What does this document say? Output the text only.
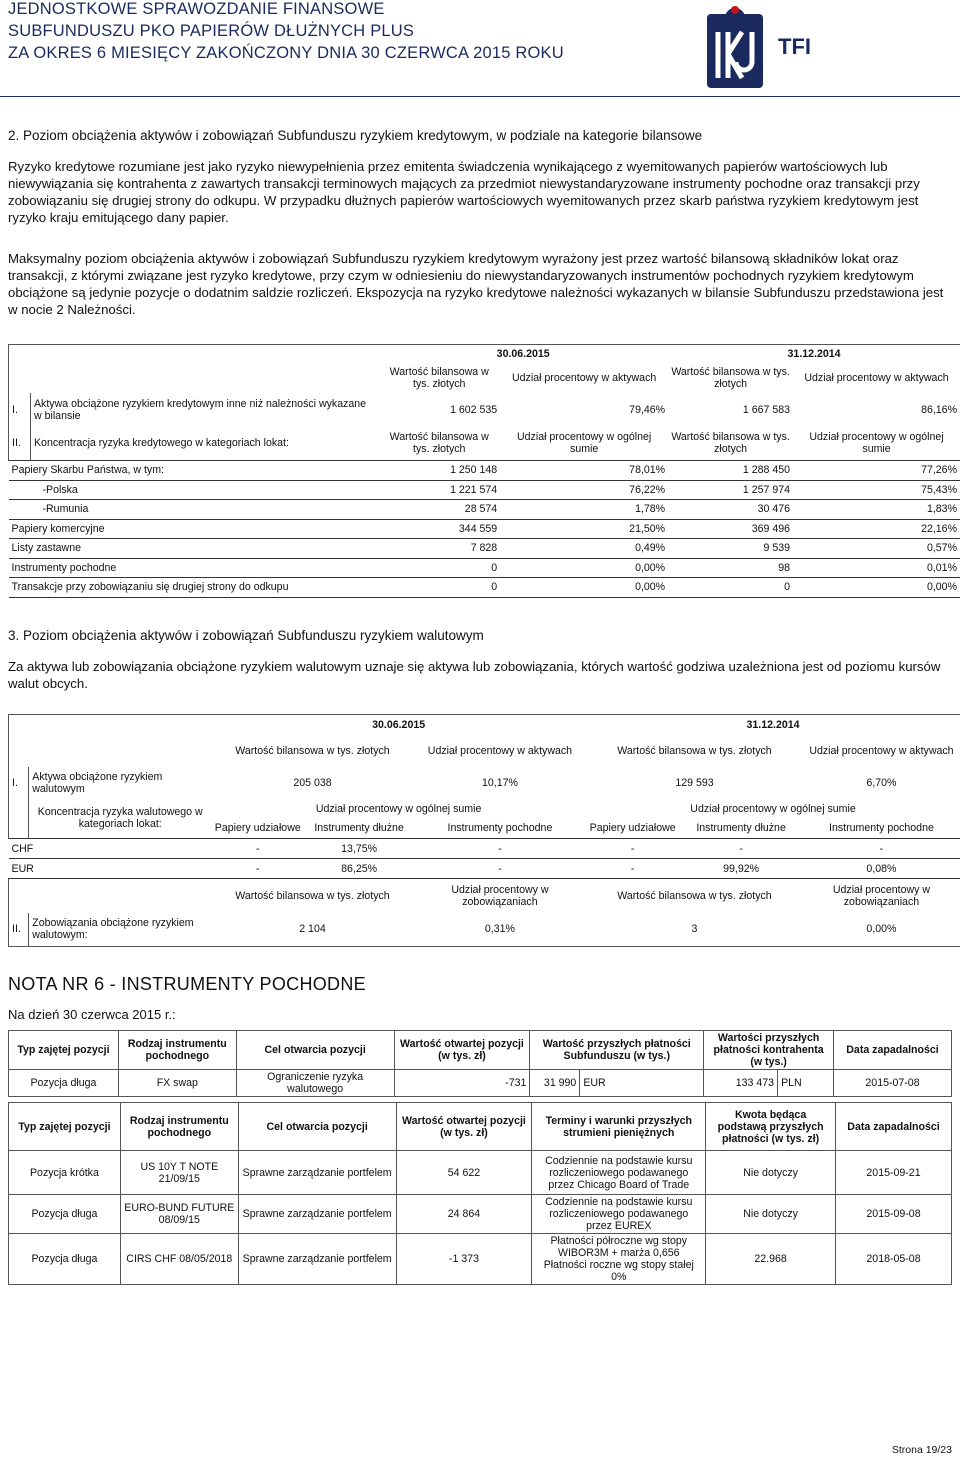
JEDNOSTKOWE SPRAWOZDANIE FINANSOWE
SUBFUNDUSZU PKO PAPIERÓW DŁUŻNYCH PLUS
ZA OKRES 6 MIESIĘCY ZAKOŃCZONY DNIA 30 CZERWCA 2015 ROKU	TFI
2. Poziom obciążenia aktywów i zobowiązań Subfunduszu ryzykiem kredytowym, w podziale na kategorie bilansowe
Ryzyko kredytowe rozumiane jest jako ryzyko niewypełnienia przez emitenta świadczenia wynikającego z wyemitowanych papierów wartościowych lub niewywiązania się kontrahenta z zawartych transakcji terminowych mających za przedmiot niewystandaryzowane instrumenty pochodne oraz transakcji przy zobowiązaniu się drugiej strony do odkupu. W przypadku dłużnych papierów wartościowych wyemitowanych przez skarb państwa ryzykiem kredytowym jest ryzyko kraju emitującego dany papier.
Maksymalny poziom obciążenia aktywów i zobowiązań Subfunduszu ryzykiem kredytowym wyrażony jest przez wartość bilansową składników lokat oraz transakcji, z którymi związane jest ryzyko kredytowe, przy czym w odniesieniu do niewystandaryzowanych instrumentów pochodnych ryzykiem kredytowym obciążone są jedynie pozycje o dodatnim saldzie rozliczeń. Ekspozycja na ryzyko kredytowe należności wykazanych w bilansie Subfunduszu przedstawiona jest w nocie 2 Należności.
		30.06.2015		31.12.2014	
		Wartość bilansowa w tys. złotych	Udział procentowy w aktywach	Wartość bilansowa w tys. złotych	Udział procentowy w aktywach
I.	Aktywa obciążone ryzykiem kredytowym inne niż należności wykazane w bilansie	1 602 535	79,46%	1 667 583	86,16%
II.	Koncentracja ryzyka kredytowego w kategoriach lokat:	Wartość bilansowa w tys. złotych	Udział procentowy w ogólnej sumie	Wartość bilansowa w tys. złotych	Udział procentowy w ogólnej sumie
Papiery Skarbu Państwa, w tym:		1 250 148	78,01%	1 288 450	77,26%
-Polska		1 221 574	76,22%	1 257 974	75,43%
-Rumunia		28 574	1,78%	30 476	1,83%
Papiery komercyjne		344 559	21,50%	369 496	22,16%
Listy zastawne		7 828	0,49%	9 539	0,57%
Instrumenty pochodne		0	0,00%	98	0,01%
Transakcje przy zobowiązaniu się drugiej strony do odkupu		0	0,00%	0	0,00%

3. Poziom obciążenia aktywów i zobowiązań Subfunduszu ryzykiem walutowym
Za aktywa lub zobowiązania obciążone ryzykiem walutowym uznaje się aktywa lub zobowiązania, których wartość godziwa uzależniona jest od poziomu kursów walut obcych.
		30.06.2015			31.12.2014		
		Wartość bilansowa w tys. złotych		Udział procentowy w aktywach	Wartość bilansowa w tys. złotych		Udział procentowy w aktywach
I.	Aktywa obciążone ryzykiem walutowym	205 038		10,17%	129 593		6,70%
	Koncentracja ryzyka walutowego w kategoriach lokat:	Udział procentowy w ogólnej sumie			Udział procentowy w ogólnej sumie		
		Papiery udziałowe	Instrumenty dłużne	Instrumenty pochodne	Papiery udziałowe	Instrumenty dłużne	Instrumenty pochodne
CHF		-	13,75%	-	-	-	-
EUR		-	86,25%	-	-	99,92%	0,08%
		Wartość bilansowa w tys. złotych		Udział procentowy w zobowiązaniach	Wartość bilansowa w tys. złotych		Udział procentowy w zobowiązaniach
II.	Zobowiązania obciążone ryzykiem walutowym:	2 104		0,31%	3		0,00%
NOTA NR 6 - INSTRUMENTY POCHODNE
Na dzień 30 czerwca 2015 r.:
Typ zajętej pozycji	Rodzaj instrumentu pochodnego	Cel otwarcia pozycji	Wartość otwartej pozycji (w tys. zł)	Wartość przyszłych płatności Subfunduszu (w tys.)		Wartości przyszłych płatności kontrahenta (w tys.)		Data zapadalności
Pozycja długa	FX swap	Ograniczenie ryzyka walutowego	-731	31 990	EUR	133 473	PLN	2015-07-08
Typ zajętej pozycji	Rodzaj instrumentu pochodnego	Cel otwarcia pozycji	Wartość otwartej pozycji (w tys. zł)	Terminy i warunki przyszłych strumieni pieniężnych	Kwota będąca podstawą przyszłych płatności (w tys. zł)	Data zapadalności
Pozycja krótka	US 10Y T NOTE 21/09/15	Sprawne zarządzanie portfelem	54 622	Codziennie na podstawie kursu rozliczeniowego podawanego przez Chicago Board of Trade	Nie dotyczy	2015-09-21
Pozycja długa	EURO-BUND FUTURE 08/09/15	Sprawne zarządzanie portfelem	24 864	Codziennie na podstawie kursu rozliczeniowego podawanego przez EUREX	Nie dotyczy	2015-09-08
Pozycja długa	CIRS CHF 08/05/2018	Sprawne zarządzanie portfelem	-1 373	Płatności półroczne wg stopy WIBOR3M + marża 0,656 Płatności roczne wg stopy stałej 0%	22.968	2018-05-08
Strona 19/23
